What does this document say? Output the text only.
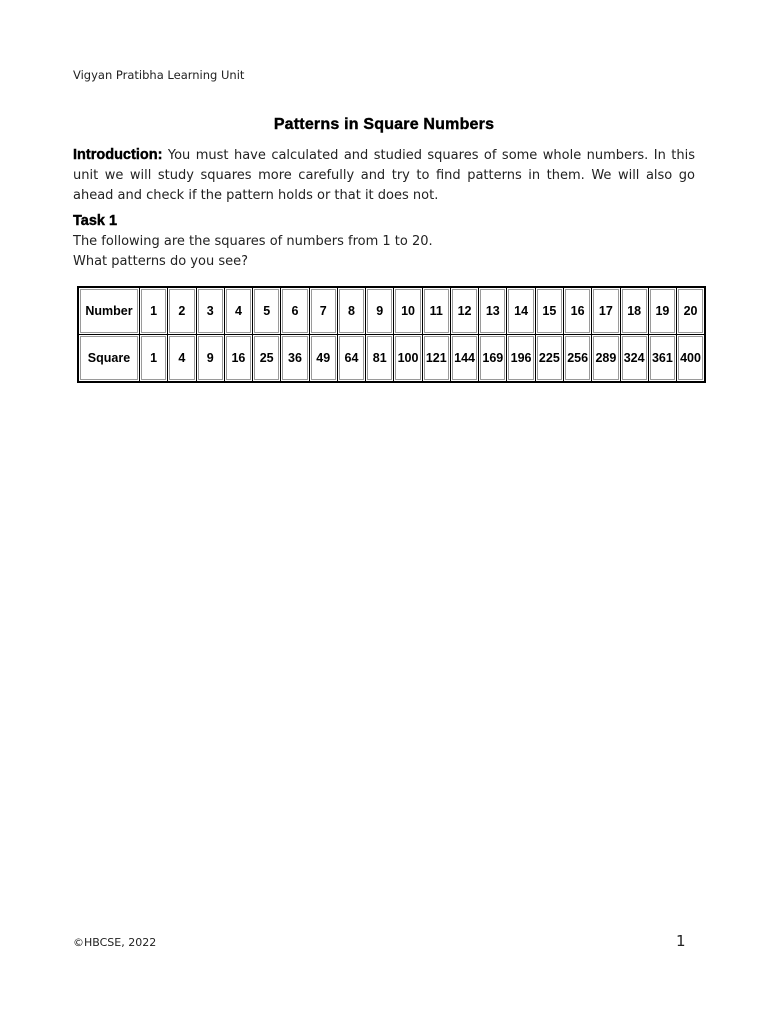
Vigyan Pratibha Learning Unit
Patterns in Square Numbers
Introduction: You must have calculated and studied squares of some whole numbers. In this unit we will study squares more carefully and try to find patterns in them. We will also go ahead and check if the pattern holds or that it does not.
Task 1
The following are the squares of numbers from 1 to 20.
What patterns do you see?
Number	1	2	3	4	5	6	7	8	9	10	11	12	13	14	15	16	17	18	19	20
Square	1	4	9	16	25	36	49	64	81	100	121	144	169	196	225	256	289	324	361	400
©HBCSE, 2022	1
